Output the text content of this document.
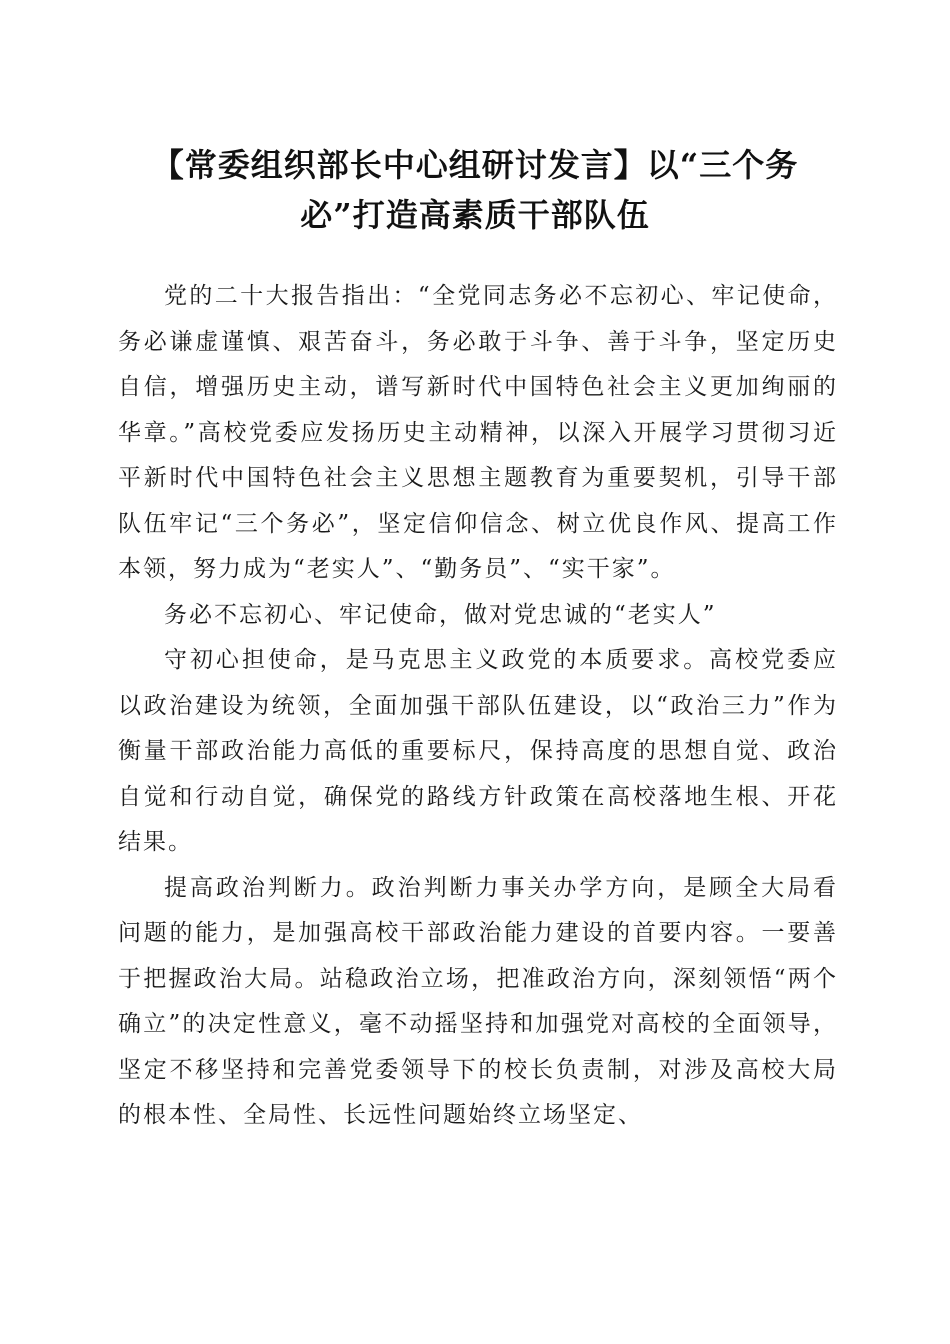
【常委组织部长中心组研讨发言】以“三个务必”打造高素质干部队伍

党的二十大报告指出：“全党同志务必不忘初心、牢记使命，务必谦虚谨慎、艰苦奋斗，务必敢于斗争、善于斗争，坚定历史自信，增强历史主动，谱写新时代中国特色社会主义更加绚丽的华章。”高校党委应发扬历史主动精神，以深入开展学习贯彻习近平新时代中国特色社会主义思想主题教育为重要契机，引导干部队伍牢记“三个务必”，坚定信仰信念、树立优良作风、提高工作本领，努力成为“老实人”、“勤务员”、“实干家”。

务必不忘初心、牢记使命，做对党忠诚的“老实人”

守初心担使命，是马克思主义政党的本质要求。高校党委应以政治建设为统领，全面加强干部队伍建设，以“政治三力”作为衡量干部政治能力高低的重要标尺，保持高度的思想自觉、政治自觉和行动自觉，确保党的路线方针政策在高校落地生根、开花结果。

提高政治判断力。政治判断力事关办学方向，是顾全大局看问题的能力，是加强高校干部政治能力建设的首要内容。一要善于把握政治大局。站稳政治立场，把准政治方向，深刻领悟“两个确立”的决定性意义，毫不动摇坚持和加强党对高校的全面领导，坚定不移坚持和完善党委领导下的校长负责制，对涉及高校大局的根本性、全局性、长远性问题始终立场坚定、
